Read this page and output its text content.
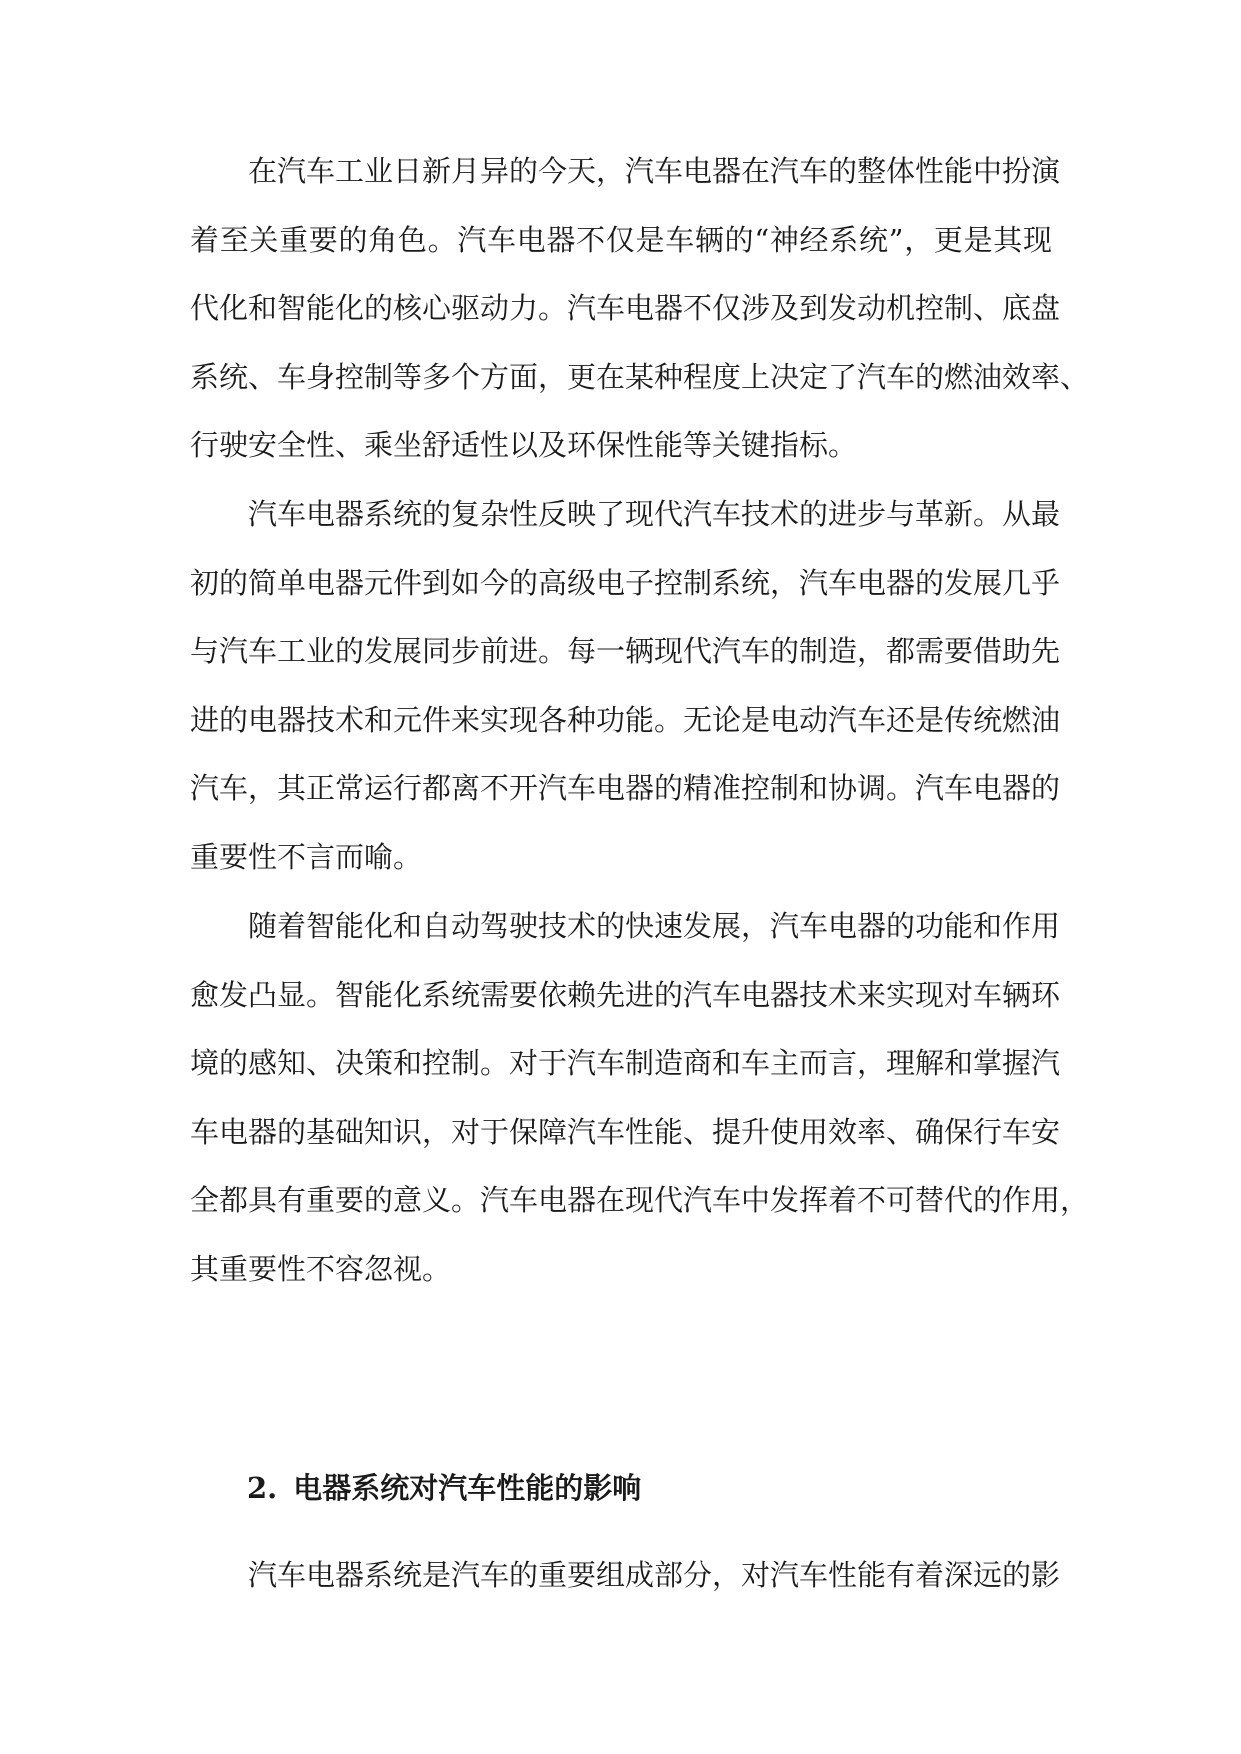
在汽车工业日新月异的今天，汽车电器在汽车的整体性能中扮演
着至关重要的角色。汽车电器不仅是车辆的“神经系统”，更是其现
代化和智能化的核心驱动力。汽车电器不仅涉及到发动机控制、底盘
系统、车身控制等多个方面，更在某种程度上决定了汽车的燃油效率、
行驶安全性、乘坐舒适性以及环保性能等关键指标。

汽车电器系统的复杂性反映了现代汽车技术的进步与革新。从最
初的简单电器元件到如今的高级电子控制系统，汽车电器的发展几乎
与汽车工业的发展同步前进。每一辆现代汽车的制造，都需要借助先
进的电器技术和元件来实现各种功能。无论是电动汽车还是传统燃油
汽车，其正常运行都离不开汽车电器的精准控制和协调。汽车电器的
重要性不言而喻。

随着智能化和自动驾驶技术的快速发展，汽车电器的功能和作用
愈发凸显。智能化系统需要依赖先进的汽车电器技术来实现对车辆环
境的感知、决策和控制。对于汽车制造商和车主而言，理解和掌握汽
车电器的基础知识，对于保障汽车性能、提升使用效率、确保行车安
全都具有重要的意义。汽车电器在现代汽车中发挥着不可替代的作用，
其重要性不容忽视。

2. 电器系统对汽车性能的影响

汽车电器系统是汽车的重要组成部分，对汽车性能有着深远的影
